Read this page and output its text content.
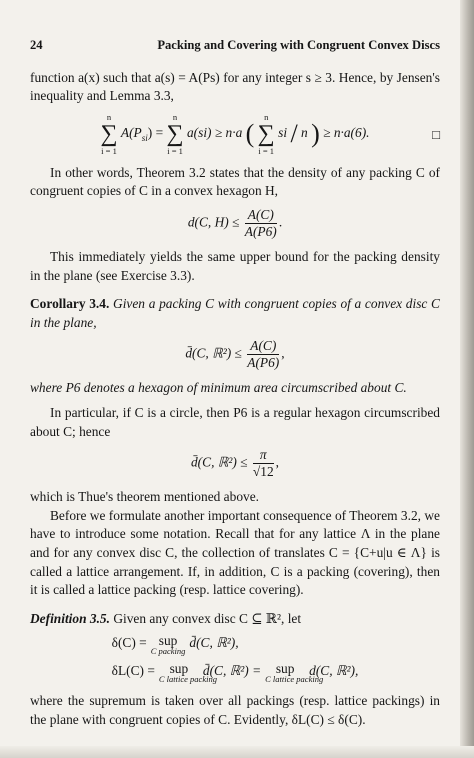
24	Packing and Covering with Congruent Convex Discs

function a(x) such that a(s) = A(Ps) for any integer s ≥ 3. Hence, by Jensen's inequality and Lemma 3.3,

n
∑
i = 1
$A(P_{si})$ =
n
∑
i = 1
a(si) ≥ n·a (
n
∑
i = 1
si / n ) ≥ n·a(6).	□

In other words, Theorem 3.2 states that the density of any packing C of congruent copies of C in a convex hexagon H,

d(C, $H) \le \frac{A(C)}{A(P6)}$ .

This immediately yields the same upper bound for the packing density in the plane (see Exercise 3.3).

Corollary 3.4. Given a packing C with congruent copies of a convex disc C in the plane,

d̄(C, ℝ²) ≤ $\frac{A(C)}{A(P6)}$ ,

where P6 denotes a hexagon of minimum area circumscribed about C.

In particular, if C is a circle, then P6 is a regular hexagon circumscribed about C; hence

d̄(C, ℝ²) ≤ $\frac{\pi}{√12}$ ,

which is Thue's theorem mentioned above.

Before we formulate another important consequence of Theorem 3.2, we have to introduce some notation. Recall that for any lattice Λ in the plane and for any convex disc C, the collection of translates C = {C+u|u ∈ Λ} is called a lattice arrangement. If, in addition, C is a packing (covering), then it is called a lattice packing (resp. lattice covering).

Definition 3.5. Given any convex disc C ⊆ ℝ², let

δ(C) = sup
C packing
d̄(C, ℝ²),
δL(C) =	sup
C lattice packing
d̄(C, ℝ²) =	sup
C lattice packing
d(C, ℝ²),

where the supremum is taken over all packings (resp. lattice packings) in the plane with congruent copies of C. Evidently, δL(C) ≤ δ(C).
